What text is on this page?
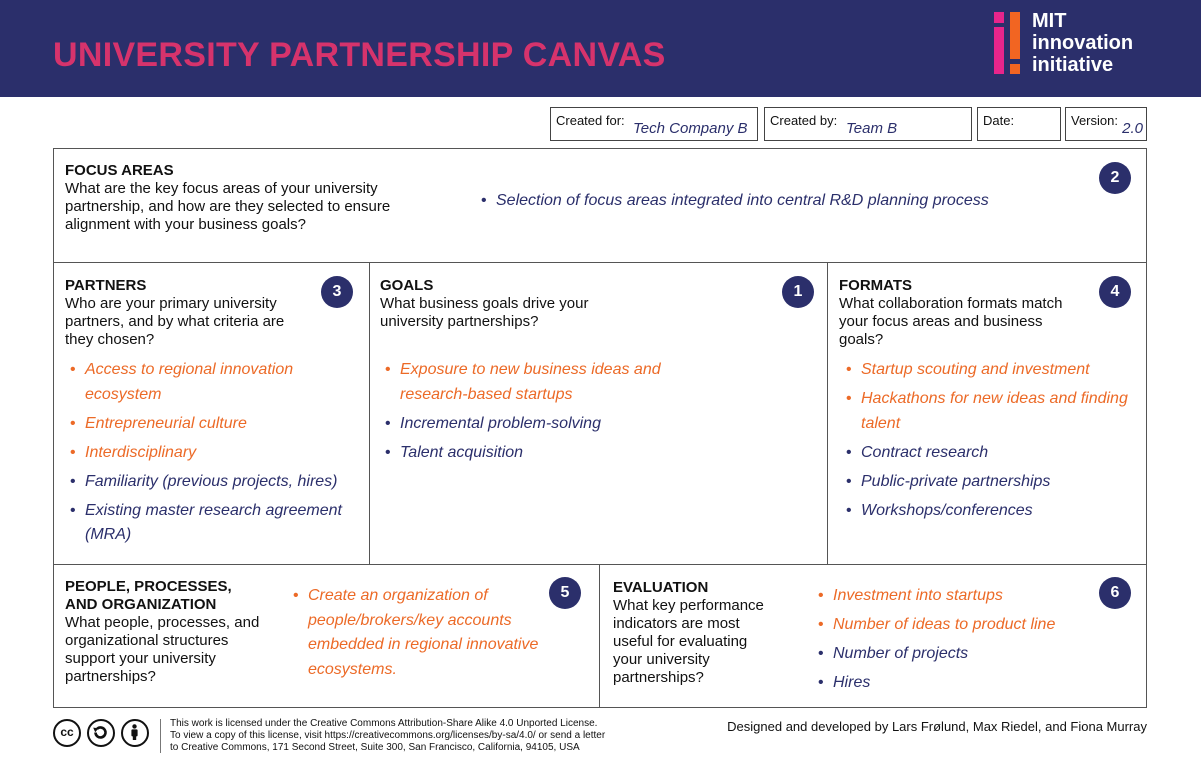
UNIVERSITY PARTNERSHIP CANVAS
MIT
innovation
initiative
Created for: Tech Company B Created by: Team B	Date:	Version: 2.0
FOCUS AREAS
What are the key focus areas of your university partnership, and how are they selected to ensure alignment with your business goals?
2
• Selection of focus areas integrated into central R&D planning process
PARTNERS
Who are your primary university partners, and by what criteria are they chosen?
3
• Access to regional innovation ecosystem
• Entrepreneurial culture
• Interdisciplinary
• Familiarity (previous projects, hires)
• Existing master research agreement (MRA)
GOALS
What business goals drive your university partnerships?
1
• Exposure to new business ideas and research-based startups
• Incremental problem-solving
• Talent acquisition
FORMATS
What collaboration formats match your focus areas and business goals?
4
• Startup scouting and investment
• Hackathons for new ideas and finding talent
• Contract research
• Public-private partnerships
• Workshops/conferences
PEOPLE, PROCESSES,
AND ORGANIZATION
What people, processes, and organizational structures support your university partnerships?
5
• Create an organization of people/brokers/key accounts embedded in regional innovative ecosystems.
EVALUATION
What key performance indicators are most useful for evaluating your university partnerships?
6
• Investment into startups
• Number of ideas to product line
• Number of projects
• Hires
cc
This work is licensed under the Creative Commons Attribution-Share Alike 4.0 Unported License.
To view a copy of this license, visit https://creativecommons.org/licenses/by-sa/4.0/ or send a letter
to Creative Commons, 171 Second Street, Suite 300, San Francisco, California, 94105, USA
Designed and developed by Lars Frølund, Max Riedel, and Fiona Murray
